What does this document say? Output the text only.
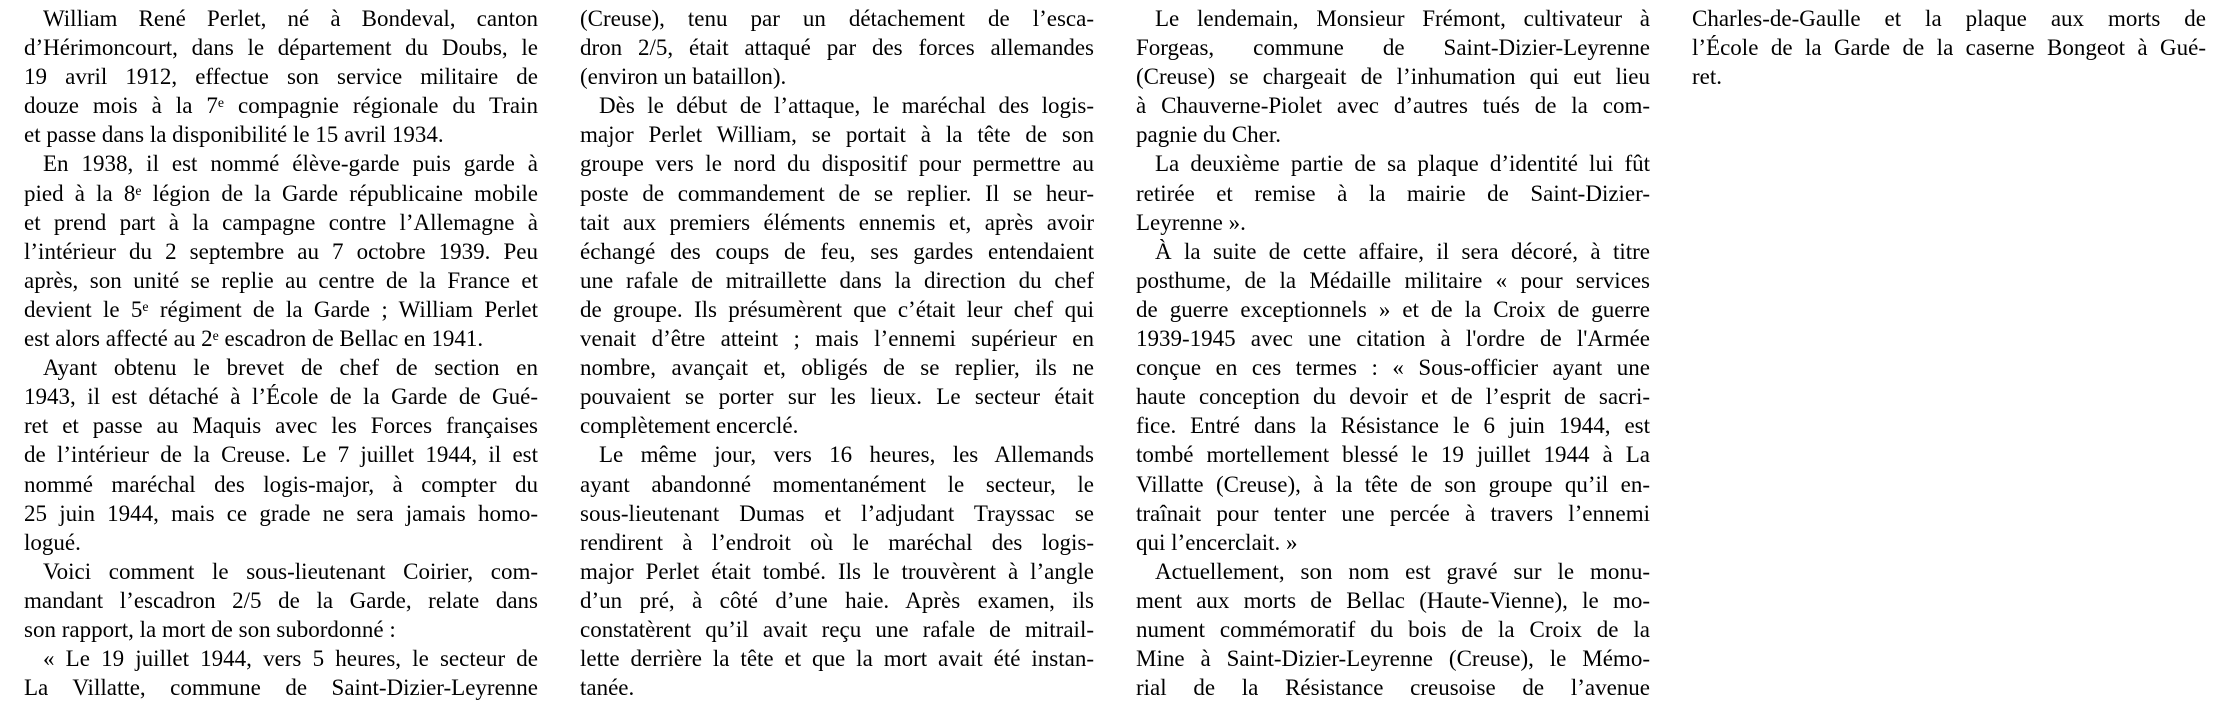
William René Perlet, né à Bondeval, canton
d’Hérimoncourt, dans le département du Doubs, le
19 avril 1912, effectue son service militaire de
douze mois à la 7e compagnie régionale du Train
et passe dans la disponibilité le 15 avril 1934.
En 1938, il est nommé élève-garde puis garde à
pied à la 8e légion de la Garde républicaine mobile
et prend part à la campagne contre l’Allemagne à
l’intérieur du 2 septembre au 7 octobre 1939. Peu
après, son unité se replie au centre de la France et
devient le 5e régiment de la Garde ; William Perlet
est alors affecté au 2e escadron de Bellac en 1941.
Ayant obtenu le brevet de chef de section en
1943, il est détaché à l’École de la Garde de Gué-
ret et passe au Maquis avec les Forces françaises
de l’intérieur de la Creuse. Le 7 juillet 1944, il est
nommé maréchal des logis-major, à compter du
25 juin 1944, mais ce grade ne sera jamais homo-
logué.
Voici comment le sous-lieutenant Coirier, com-
mandant l’escadron 2/5 de la Garde, relate dans
son rapport, la mort de son subordonné :
« Le 19 juillet 1944, vers 5 heures, le secteur de
La Villatte, commune de Saint-Dizier-Leyrenne
(Creuse), tenu par un détachement de l’esca-
dron 2/5, était attaqué par des forces allemandes
(environ un bataillon).
Dès le début de l’attaque, le maréchal des logis-
major Perlet William, se portait à la tête de son
groupe vers le nord du dispositif pour permettre au
poste de commandement de se replier. Il se heur-
tait aux premiers éléments ennemis et, après avoir
échangé des coups de feu, ses gardes entendaient
une rafale de mitraillette dans la direction du chef
de groupe. Ils présumèrent que c’était leur chef qui
venait d’être atteint ; mais l’ennemi supérieur en
nombre, avançait et, obligés de se replier, ils ne
pouvaient se porter sur les lieux. Le secteur était
complètement encerclé.
Le même jour, vers 16 heures, les Allemands
ayant abandonné momentanément le secteur, le
sous-lieutenant Dumas et l’adjudant Trayssac se
rendirent à l’endroit où le maréchal des logis-
major Perlet était tombé. Ils le trouvèrent à l’angle
d’un pré, à côté d’une haie. Après examen, ils
constatèrent qu’il avait reçu une rafale de mitrail-
lette derrière la tête et que la mort avait été instan-
tanée.
Le lendemain, Monsieur Frémont, cultivateur à
Forgeas, commune de Saint-Dizier-Leyrenne
(Creuse) se chargeait de l’inhumation qui eut lieu
à Chauverne-Piolet avec d’autres tués de la com-
pagnie du Cher.
La deuxième partie de sa plaque d’identité lui fût
retirée et remise à la mairie de Saint-Dizier-
Leyrenne ».
À la suite de cette affaire, il sera décoré, à titre
posthume, de la Médaille militaire « pour services
de guerre exceptionnels » et de la Croix de guerre
1939-1945 avec une citation à l'ordre de l'Armée
conçue en ces termes : « Sous-officier ayant une
haute conception du devoir et de l’esprit de sacri-
fice. Entré dans la Résistance le 6 juin 1944, est
tombé mortellement blessé le 19 juillet 1944 à La
Villatte (Creuse), à la tête de son groupe qu’il en-
traînait pour tenter une percée à travers l’ennemi
qui l’encerclait. »
Actuellement, son nom est gravé sur le monu-
ment aux morts de Bellac (Haute-Vienne), le mo-
nument commémoratif du bois de la Croix de la
Mine à Saint-Dizier-Leyrenne (Creuse), le Mémo-
rial de la Résistance creusoise de l’avenue
Charles-de-Gaulle et la plaque aux morts de
l’École de la Garde de la caserne Bongeot à Gué-
ret.
